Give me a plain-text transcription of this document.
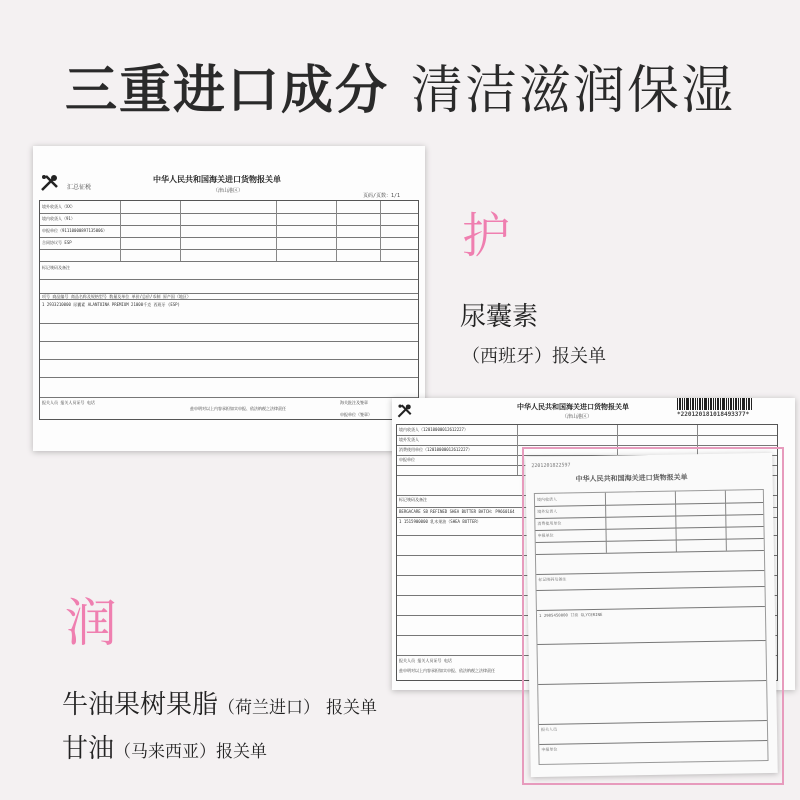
三重进口成分 清洁滋润保湿
汇总征税
中华人民共和国海关进口货物报关单
（津山港区）
页码/页数：1/1
境外收货人（XX）
境内收货人（91）
申报单位（91110000897135006）
合同协议号 ESP
标记唛码及备注
项号 商品编号 商品名称及规格型号 数量及单位 单价/总价/币制 原产国（地区）
1 2933210000 尿囊素 ALANTOINA PREMIUM 21000千克 西班牙 (ESP)
报关人员 报关人员证号 电话
兹申明对以上内容承担如实申报、依法纳税之法律责任
海关批注及签章
申报单位（签章）
中华人民共和国海关进口货物报关单
（津山港区）	*2201201810184933​77*
境内收货人（12010000012612227）
境外发货人
消费使用单位（12010000012612227）
申报单位
标记唛码及备注
BERGACARE SB REFINED SHEA BUTTER BATCH: P9660164
1 1515900000 乳木果油（SHEA BUTTER）
报关人员 报关人员证号 电话
兹申明对以上内容承担如实申报、依法纳税之法律责任
2201201822597
中华人民共和国海关进口货物报关单
境内收货人
境外发货人
消费使用单位
申报单位
标记唛码及备注
1 2905450000 甘油 GLYCERINE
报关人员
申报单位
护
尿囊素
（西班牙）报关单
润
牛油果树果脂（荷兰进口） 报关单
甘油（马来西亚）报关单
